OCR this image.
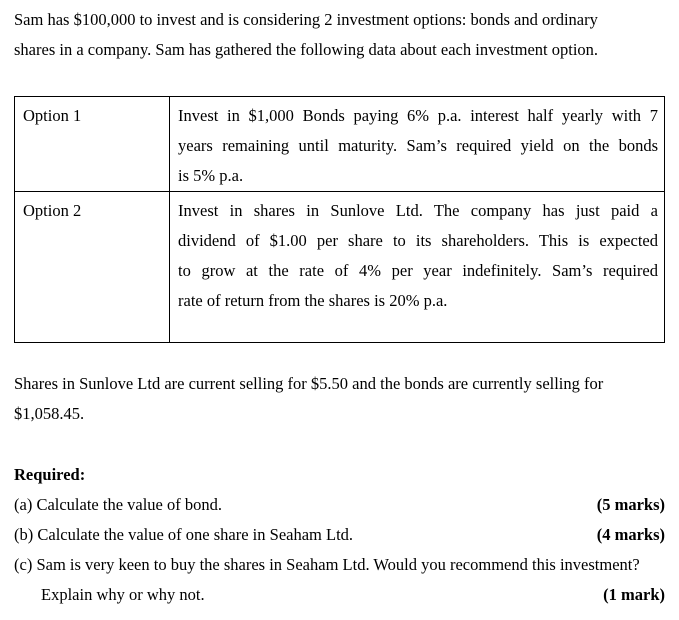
Sam has $100,000 to invest and is considering 2 investment options: bonds and ordinary
shares in a company. Sam has gathered the following data about each investment option.
Option 1	Invest in $1,000 Bonds paying 6% p.a. interest half yearly with 7
years remaining until maturity. Sam’s required yield on the bonds
is 5% p.a.

Option 2	Invest in shares in Sunlove Ltd. The company has just paid a
dividend of $1.00 per share to its shareholders. This is expected
to grow at the rate of 4% per year indefinitely. Sam’s required
rate of return from the shares is 20% p.a.
Shares in Sunlove Ltd are current selling for $5.50 and the bonds are currently selling for
$1,058.45.
Required:
(a) Calculate the value of bond.	(5 marks)
(b) Calculate the value of one share in Seaham Ltd.	(4 marks)
(c) Sam is very keen to buy the shares in Seaham Ltd. Would you recommend this investment?
Explain why or why not.	(1 mark)
